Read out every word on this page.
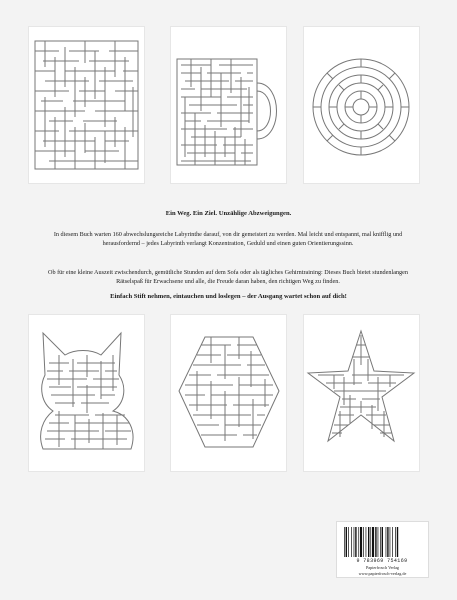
Ein Weg. Ein Ziel. Unzählige Abzweigungen.
In diesem Buch warten 160 abwechslungsreiche Labyrinthe darauf, von dir gemeistert zu werden. Mal leicht und entspannt, mal knifflig und herausfordernd – jedes Labyrinth verlangt Konzentration, Geduld und einen guten Orientierungssinn.
Ob für eine kleine Auszeit zwischendurch, gemütliche Stunden auf dem Sofa oder als tägliches Gehirntraining: Dieses Buch bietet stundenlangen Rätselspaß für Erwachsene und alle, die Freude daran haben, den richtigen Weg zu finden.
Einfach Stift nehmen, eintauchen und loslegen – der Ausgang wartet schon auf dich!
9 783969 754169
Papierfrosch Verlag
www.papierfrosch-verlag.de
